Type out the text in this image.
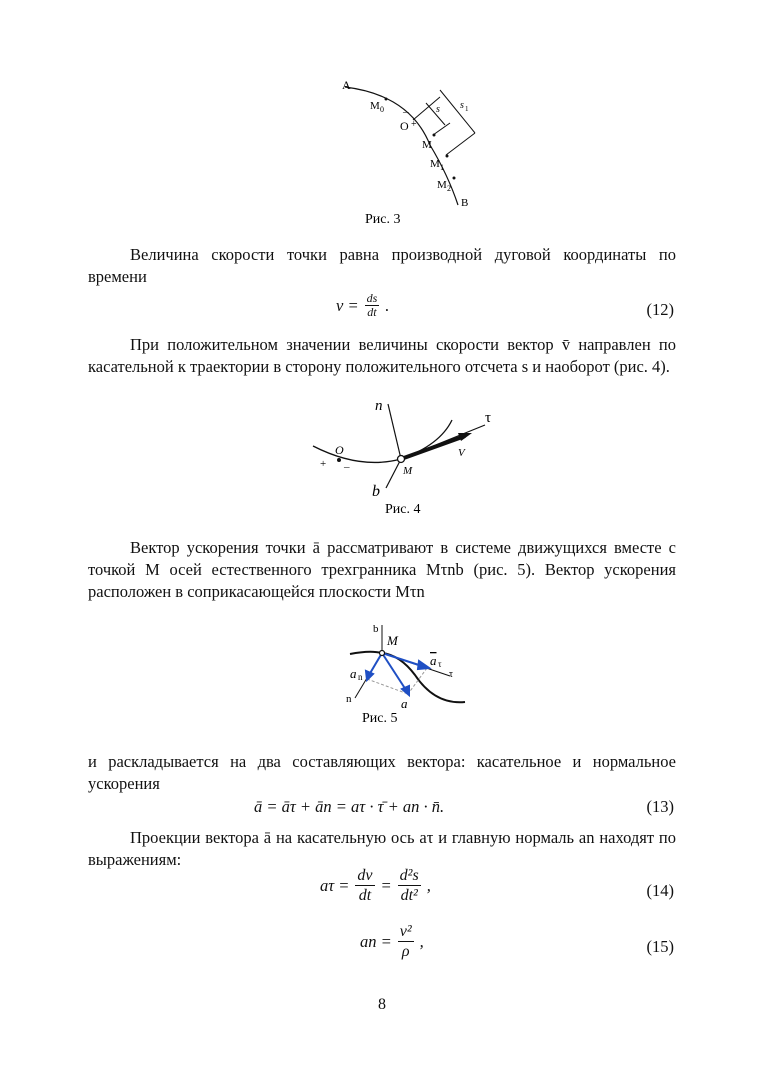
A
M 0 –
O +
s s 1
M
M 1
M 2
B
Рис. 3
Величина скорости точки равна производной дуговой координаты по времени
$v = \frac{ds}{dt}$ .	(12)
При положительном значении величины скорости вектор v̄ направлен по касательной к траектории в сторону положительного отсчета s и наоборот (рис. 4).
n
τ
O
+ –	M
V
b
Рис. 4
Вектор ускорения точки ā рассматривают в системе движущихся вместе с точкой M осей естественного трехгранника Mτnb (рис. 5). Вектор ускорения расположен в соприкасающейся плоскости Mτn
b
M
a τ
τ
a n
n	a
Рис. 5
и раскладывается на два составляющих вектора: касательное и нормальное ускорения
ā = āτ + ān = aτ · τ̄ + an · n̄.	(13)
Проекции вектора ā на касательную ось aτ и главную нормаль an находят по выражениям:
$a\tau = \frac{dv}{dt} = \frac{\text{d²s}}{\text{dt²}}$ ,	(14)
an = $\frac{\text{v²}}{\rho}$ ,	(15)
8
